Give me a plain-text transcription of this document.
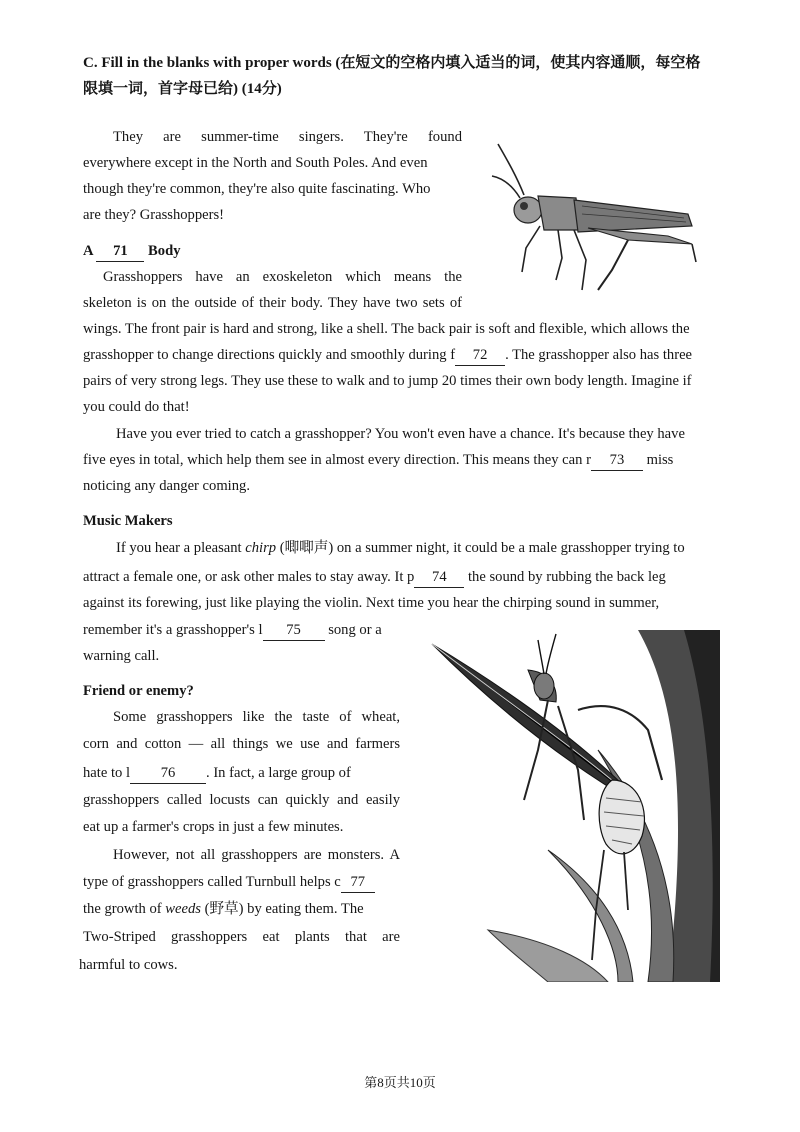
C. Fill in the blanks with proper words (在短文的空格内填入适当的词，使其内容通顺，每空格
限填一词，首字母已给) (14分)
They are summer-time singers. They're found
everywhere except in the North and South Poles. And even
though they're common, they're also quite fascinating. Who
are they? Grasshoppers!
A 71 Body
Grasshoppers have an exoskeleton which means the
skeleton is on the outside of their body. They have two sets of
wings. The front pair is hard and strong, like a shell. The back pair is soft and flexible, which allows the
grasshopper to change directions quickly and smoothly during f 72 . The grasshopper also has three
pairs of very strong legs. They use these to walk and to jump 20 times their own body length. Imagine if
you could do that!
Have you ever tried to catch a grasshopper? You won't even have a chance. It's because they have
five eyes in total, which help them see in almost every direction. This means they can r 73 miss
noticing any danger coming.
Music Makers
If you hear a pleasant chirp (唧唧声) on a summer night, it could be a male grasshopper trying to
attract a female one, or ask other males to stay away. It p 74 the sound by rubbing the back leg
against its forewing, just like playing the violin. Next time you hear the chirping sound in summer,
remember it's a grasshopper's l 75 song or a
warning call.
Friend or enemy?
Some grasshoppers like the taste of wheat,
corn and cotton — all things we use and farmers
hate to l 76 . In fact, a large group of
grasshoppers called locusts can quickly and easily
eat up a farmer's crops in just a few minutes.
However, not all grasshoppers are monsters. A
type of grasshoppers called Turnbull helps c 77
the growth of weeds (野草) by eating them. The
Two-Striped grasshoppers eat plants that are
harmful to cows.
第8页共10页
